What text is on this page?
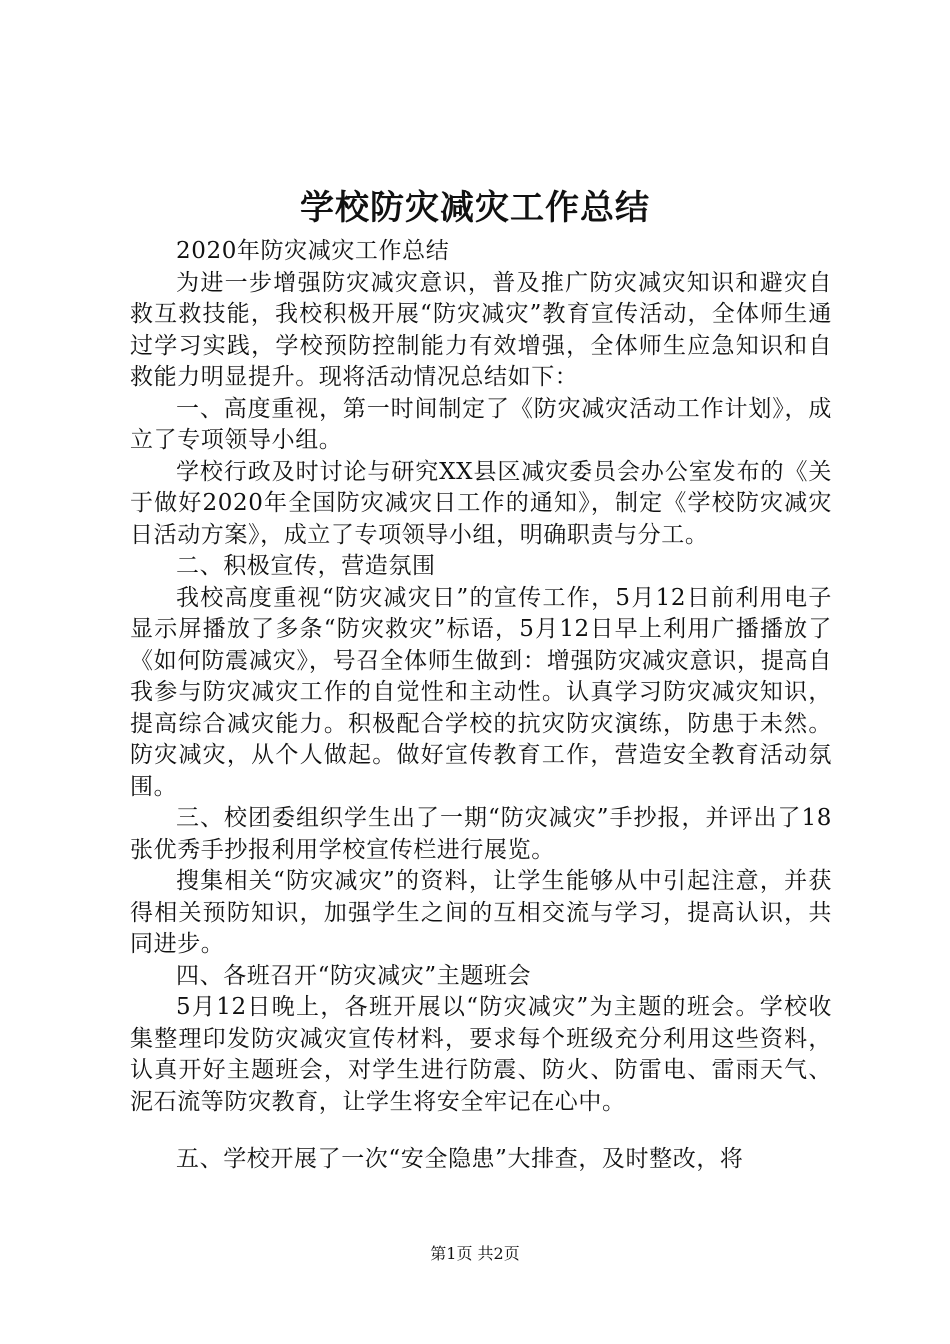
学校防灾减灾工作总结

2020年防灾减灾工作总结

为进一步增强防灾减灾意识，普及推广防灾减灾知识和避灾自救互救技能，我校积极开展“防灾减灾”教育宣传活动，全体师生通过学习实践，学校预防控制能力有效增强，全体师生应急知识和自救能力明显提升。现将活动情况总结如下：

一、高度重视，第一时间制定了《防灾减灾活动工作计划》，成立了专项领导小组。

学校行政及时讨论与研究XX县区减灾委员会办公室发布的《关于做好2020年全国防灾减灾日工作的通知》，制定《学校防灾减灾日活动方案》，成立了专项领导小组，明确职责与分工。

二、积极宣传，营造氛围

我校高度重视“防灾减灾日”的宣传工作，5月12日前利用电子显示屏播放了多条“防灾救灾”标语，5月12日早上利用广播播放了《如何防震减灾》，号召全体师生做到：增强防灾减灾意识，提高自我参与防灾减灾工作的自觉性和主动性。认真学习防灾减灾知识，提高综合减灾能力。积极配合学校的抗灾防灾演练，防患于未然。防灾减灾，从个人做起。做好宣传教育工作，营造安全教育活动氛围。

三、校团委组织学生出了一期“防灾减灾”手抄报，并评出了18张优秀手抄报利用学校宣传栏进行展览。

搜集相关“防灾减灾”的资料，让学生能够从中引起注意，并获得相关预防知识，加强学生之间的互相交流与学习，提高认识，共同进步。

四、各班召开“防灾减灾”主题班会

5月12日晚上，各班开展以“防灾减灾”为主题的班会。学校收集整理印发防灾减灾宣传材料，要求每个班级充分利用这些资料，认真开好主题班会，对学生进行防震、防火、防雷电、雷雨天气、泥石流等防灾教育，让学生将安全牢记在心中。

五、学校开展了一次“安全隐患”大排查，及时整改，将

第1页 共2页
